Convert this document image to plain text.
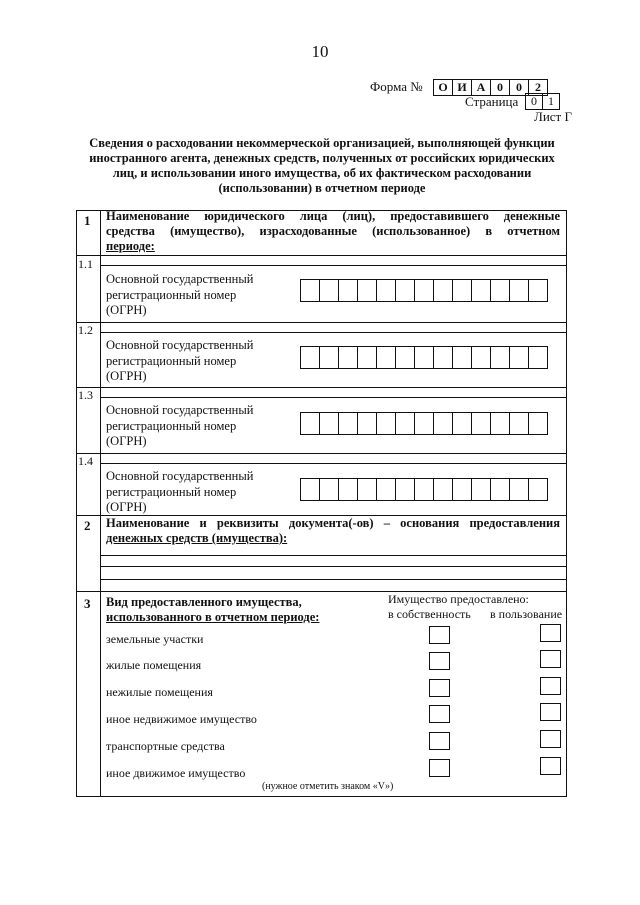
10
Форма №	О И А 0	0	2
Страница	0 1
Лист Г
Сведения о расходовании некоммерческой организацией, выполняющей функции
иностранного агента, денежных средств, полученных от российских юридических
лиц, и использовании иного имущества, об их фактическом расходовании
(использовании) в отчетном периоде
1 Наименование юридического лица (лиц), предоставившего денежные
средства (имущество), израсходованные (использованное) в отчетном
периоде:
1.1
Основной государственный
регистрационный номер
(ОГРН)
1.2
Основной государственный
регистрационный номер
(ОГРН)
1.3
Основной государственный
регистрационный номер
(ОГРН)
1.4
Основной государственный
регистрационный номер
(ОГРН)
2 Наименование и реквизиты документа(-ов) – основания предоставления
денежных средств (имущества):
3 Вид предоставленного имущества,
использованного в отчетном периоде:
Имущество предоставлено:
в собственность в пользование
земельные участки
жилые помещения
нежилые помещения
иное недвижимое имущество
транспортные средства
иное движимое имущество
(нужное отметить знаком «V»)
